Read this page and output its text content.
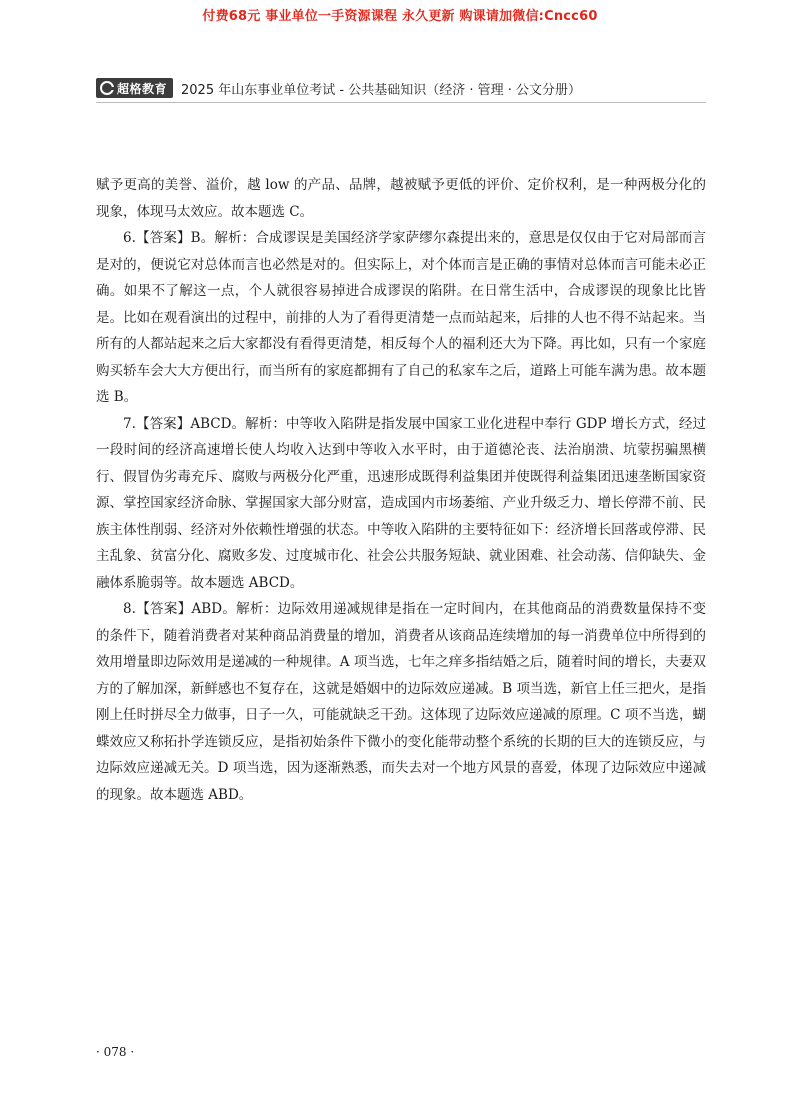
付费68元 事业单位一手资源课程 永久更新 购课请加微信:Cncc60
超格教育 2025 年山东事业单位考试 - 公共基础知识（经济 · 管理 · 公文分册）

赋予更高的美誉、溢价，越 low 的产品、品牌，越被赋予更低的评价、定价权利，是一种两极分化的现象，体现马太效应。故本题选 C。

6.【答案】B。解析：合成谬误是美国经济学家萨缪尔森提出来的，意思是仅仅由于它对局部而言是对的，便说它对总体而言也必然是对的。但实际上，对个体而言是正确的事情对总体而言可能未必正确。如果不了解这一点，个人就很容易掉进合成谬误的陷阱。在日常生活中，合成谬误的现象比比皆是。比如在观看演出的过程中，前排的人为了看得更清楚一点而站起来，后排的人也不得不站起来。当所有的人都站起来之后大家都没有看得更清楚，相反每个人的福利还大为下降。再比如，只有一个家庭购买轿车会大大方便出行，而当所有的家庭都拥有了自己的私家车之后，道路上可能车满为患。故本题选 B。

7.【答案】ABCD。解析：中等收入陷阱是指发展中国家工业化进程中奉行 GDP 增长方式，经过一段时间的经济高速增长使人均收入达到中等收入水平时，由于道德沦丧、法治崩溃、坑蒙拐骗黑横行、假冒伪劣毒充斥、腐败与两极分化严重，迅速形成既得利益集团并使既得利益集团迅速垄断国家资源、掌控国家经济命脉、掌握国家大部分财富，造成国内市场萎缩、产业升级乏力、增长停滞不前、民族主体性削弱、经济对外依赖性增强的状态。中等收入陷阱的主要特征如下：经济增长回落或停滞、民主乱象、贫富分化、腐败多发、过度城市化、社会公共服务短缺、就业困难、社会动荡、信仰缺失、金融体系脆弱等。故本题选 ABCD。

8.【答案】ABD。解析：边际效用递减规律是指在一定时间内，在其他商品的消费数量保持不变的条件下，随着消费者对某种商品消费量的增加，消费者从该商品连续增加的每一消费单位中所得到的效用增量即边际效用是递减的一种规律。A 项当选，七年之痒多指结婚之后，随着时间的增长，夫妻双方的了解加深，新鲜感也不复存在，这就是婚姻中的边际效应递减。B 项当选，新官上任三把火，是指刚上任时拼尽全力做事，日子一久，可能就缺乏干劲。这体现了边际效应递减的原理。C 项不当选，蝴蝶效应又称拓扑学连锁反应，是指初始条件下微小的变化能带动整个系统的长期的巨大的连锁反应，与边际效应递减无关。D 项当选，因为逐渐熟悉，而失去对一个地方风景的喜爱，体现了边际效应中递减的现象。故本题选 ABD。

· 078 ·
